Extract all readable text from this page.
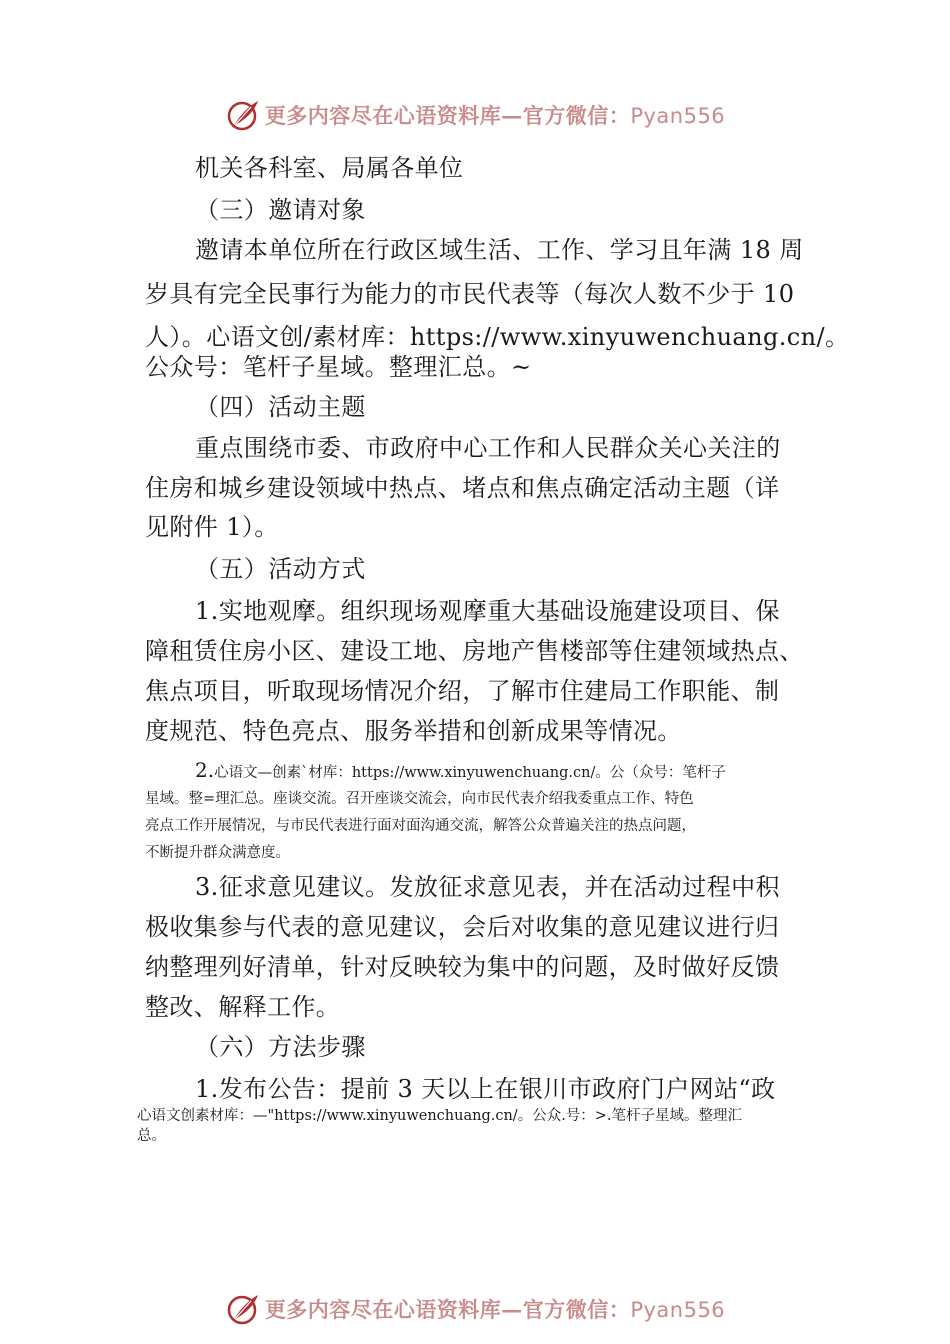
更多内容尽在心语资料库—官方微信：Pyan556
机关各科室、局属各单位
（三）邀请对象
邀请本单位所在行政区域生活、工作、学习且年满 18 周
岁具有完全民事行为能力的市民代表等（每次人数不少于 10
人）。心语文创/素材库：https://www.xinyuwenchuang.cn/。
公众号：笔杆子星域。整理汇总。~
（四）活动主题
重点围绕市委、市政府中心工作和人民群众关心关注的
住房和城乡建设领域中热点、堵点和焦点确定活动主题（详
见附件 1）。
（五）活动方式
1.实地观摩。组织现场观摩重大基础设施建设项目、保
障租赁住房小区、建设工地、房地产售楼部等住建领域热点、
焦点项目，听取现场情况介绍，了解市住建局工作职能、制
度规范、特色亮点、服务举措和创新成果等情况。
2.心语文—创素`材库：https://www.xinyuwenchuang.cn/。公（众号：笔杆子
星域。整=理汇总。座谈交流。召开座谈交流会，向市民代表介绍我委重点工作、特色
亮点工作开展情况，与市民代表进行面对面沟通交流，解答公众普遍关注的热点问题，
不断提升群众满意度。
3.征求意见建议。发放征求意见表，并在活动过程中积
极收集参与代表的意见建议，会后对收集的意见建议进行归
纳整理列好清单，针对反映较为集中的问题，及时做好反馈
整改、解释工作。
（六）方法步骤
1.发布公告：提前 3 天以上在银川市政府门户网站“政
心语文创素材库：—"https://www.xinyuwenchuang.cn/。公众.号：>.笔杆子星域。整理汇
总。
更多内容尽在心语资料库—官方微信：Pyan556
